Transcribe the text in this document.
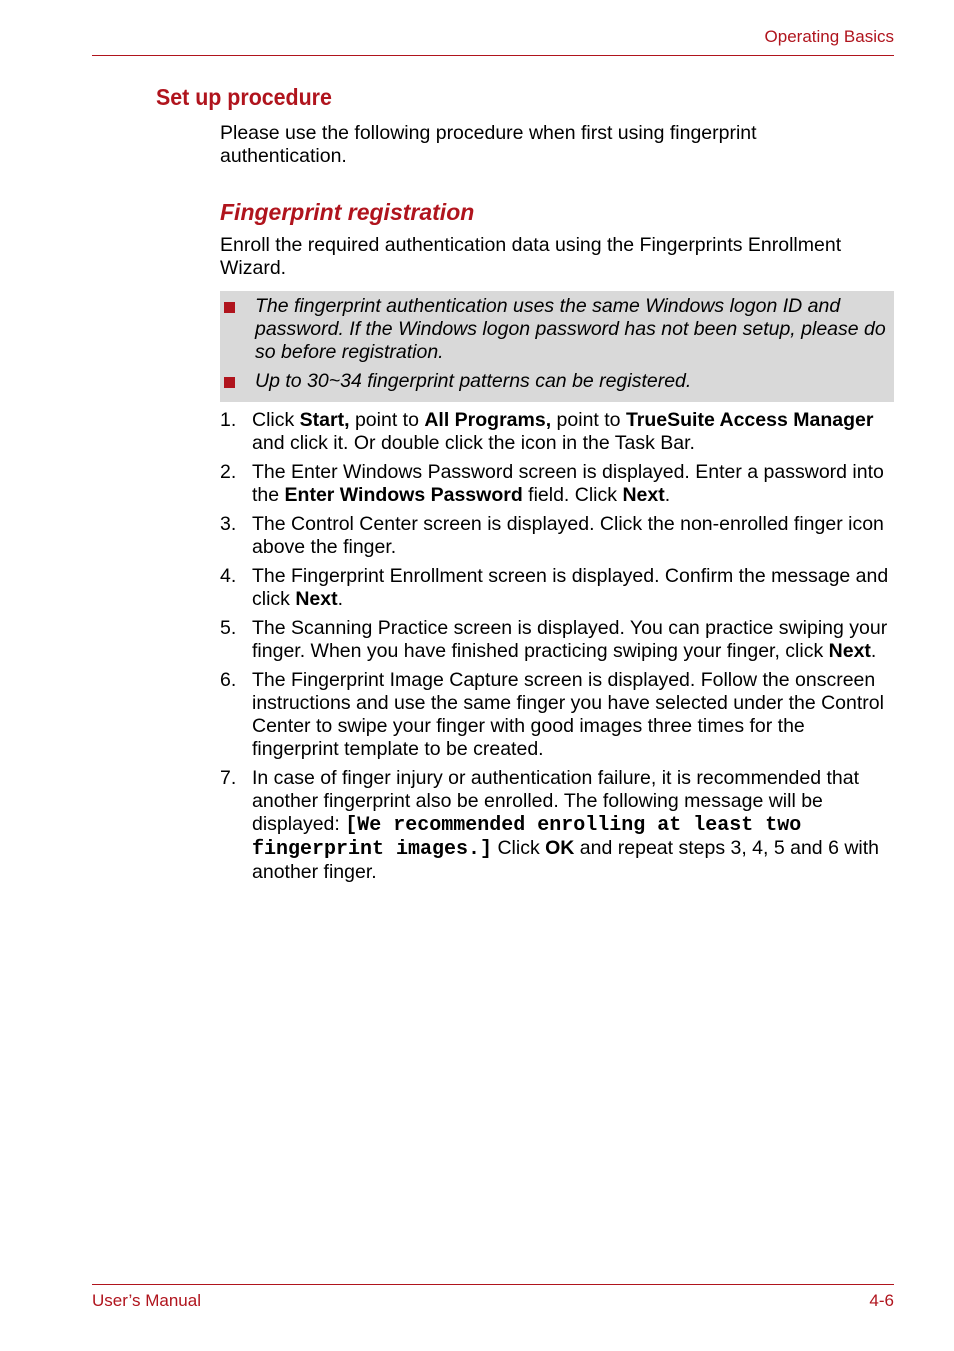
Operating Basics
Set up procedure
Please use the following procedure when first using fingerprint authentication.
Fingerprint registration
Enroll the required authentication data using the Fingerprints Enrollment Wizard.
The fingerprint authentication uses the same Windows logon ID and password. If the Windows logon password has not been setup, please do so before registration.
Up to 30~34 fingerprint patterns can be registered.
1. Click Start, point to All Programs, point to TrueSuite Access Manager and click it. Or double click the icon in the Task Bar.
2. The Enter Windows Password screen is displayed. Enter a password into the Enter Windows Password field. Click Next.
3. The Control Center screen is displayed. Click the non-enrolled finger icon above the finger.
4. The Fingerprint Enrollment screen is displayed. Confirm the message and click Next.
5. The Scanning Practice screen is displayed. You can practice swiping your finger. When you have finished practicing swiping your finger, click Next.
6. The Fingerprint Image Capture screen is displayed. Follow the onscreen instructions and use the same finger you have selected under the Control Center to swipe your finger with good images three times for the fingerprint template to be created.
7. In case of finger injury or authentication failure, it is recommended that another fingerprint also be enrolled. The following message will be displayed: [We recommended enrolling at least two fingerprint images.] Click OK and repeat steps 3, 4, 5 and 6 with another finger.
User’s Manual	4-6
